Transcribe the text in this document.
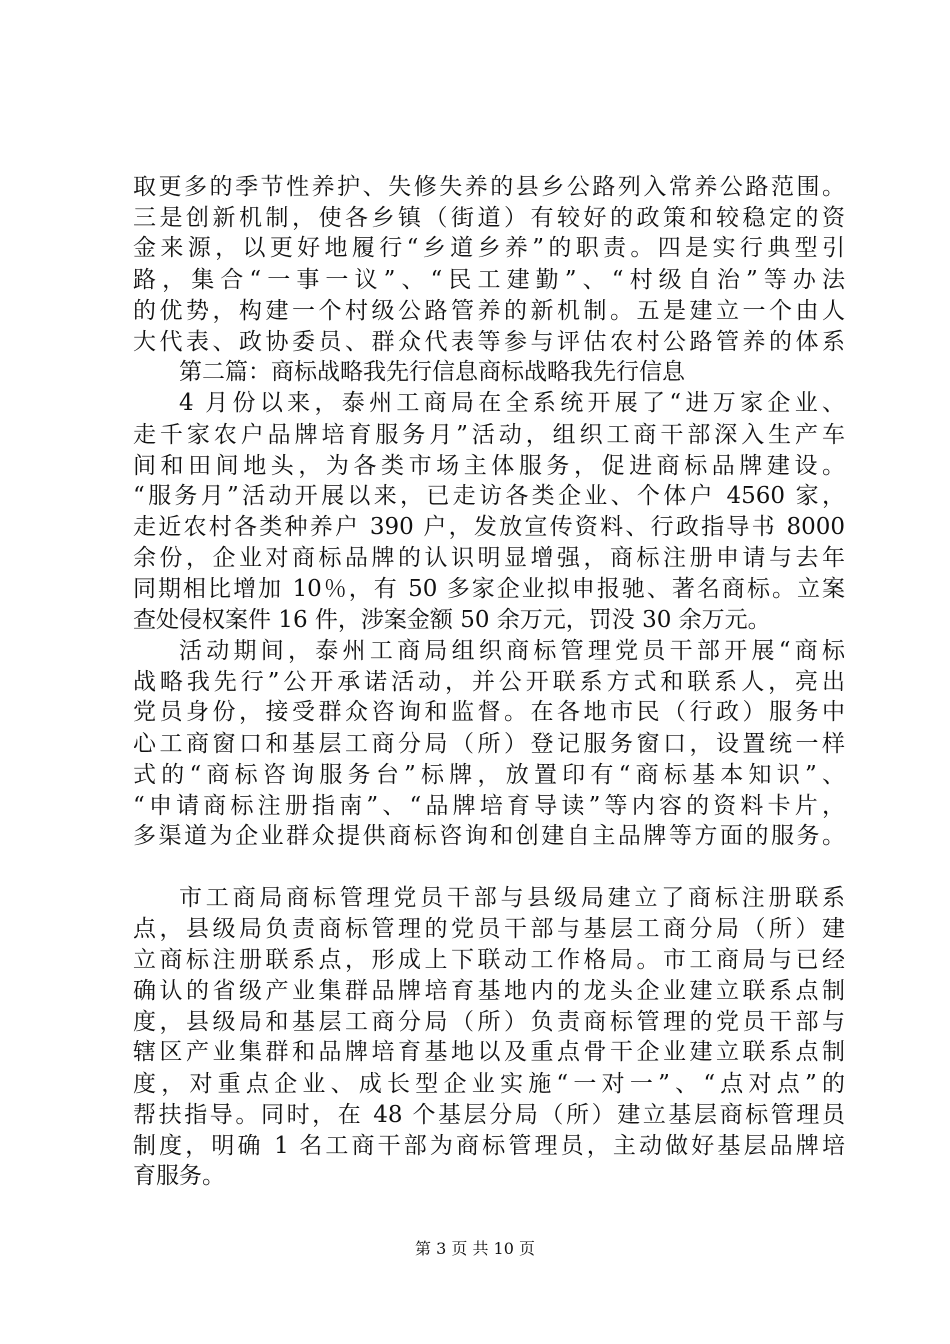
取更多的季节性养护、失修失养的县乡公路列入常养公路范围。
三是创新机制，使各乡镇（街道）有较好的政策和较稳定的资
金来源，以更好地履行“乡道乡养”的职责。四是实行典型引
路，集合“一事一议”、“民工建勤”、“村级自治”等办法
的优势，构建一个村级公路管养的新机制。五是建立一个由人
大代表、政协委员、群众代表等参与评估农村公路管养的体系
第二篇：商标战略我先行信息商标战略我先行信息
4 月份以来，泰州工商局在全系统开展了“进万家企业、
走千家农户品牌培育服务月”活动，组织工商干部深入生产车
间和田间地头，为各类市场主体服务，促进商标品牌建设。
“服务月”活动开展以来，已走访各类企业、个体户 4560 家，
走近农村各类种养户 390 户，发放宣传资料、行政指导书 8000
余份，企业对商标品牌的认识明显增强，商标注册申请与去年
同期相比增加 10％，有 50 多家企业拟申报驰、著名商标。立案
查处侵权案件 16 件，涉案金额 50 余万元，罚没 30 余万元。
活动期间，泰州工商局组织商标管理党员干部开展“商标
战略我先行”公开承诺活动，并公开联系方式和联系人，亮出
党员身份，接受群众咨询和监督。在各地市民（行政）服务中
心工商窗口和基层工商分局（所）登记服务窗口，设置统一样
式的“商标咨询服务台”标牌，放置印有“商标基本知识”、
“申请商标注册指南”、“品牌培育导读”等内容的资料卡片，
多渠道为企业群众提供商标咨询和创建自主品牌等方面的服务。
市工商局商标管理党员干部与县级局建立了商标注册联系
点，县级局负责商标管理的党员干部与基层工商分局（所）建
立商标注册联系点，形成上下联动工作格局。市工商局与已经
确认的省级产业集群品牌培育基地内的龙头企业建立联系点制
度，县级局和基层工商分局（所）负责商标管理的党员干部与
辖区产业集群和品牌培育基地以及重点骨干企业建立联系点制
度，对重点企业、成长型企业实施“一对一”、“点对点”的
帮扶指导。同时，在 48 个基层分局（所）建立基层商标管理员
制度，明确 1 名工商干部为商标管理员，主动做好基层品牌培
育服务。
第 3 页 共 10 页
